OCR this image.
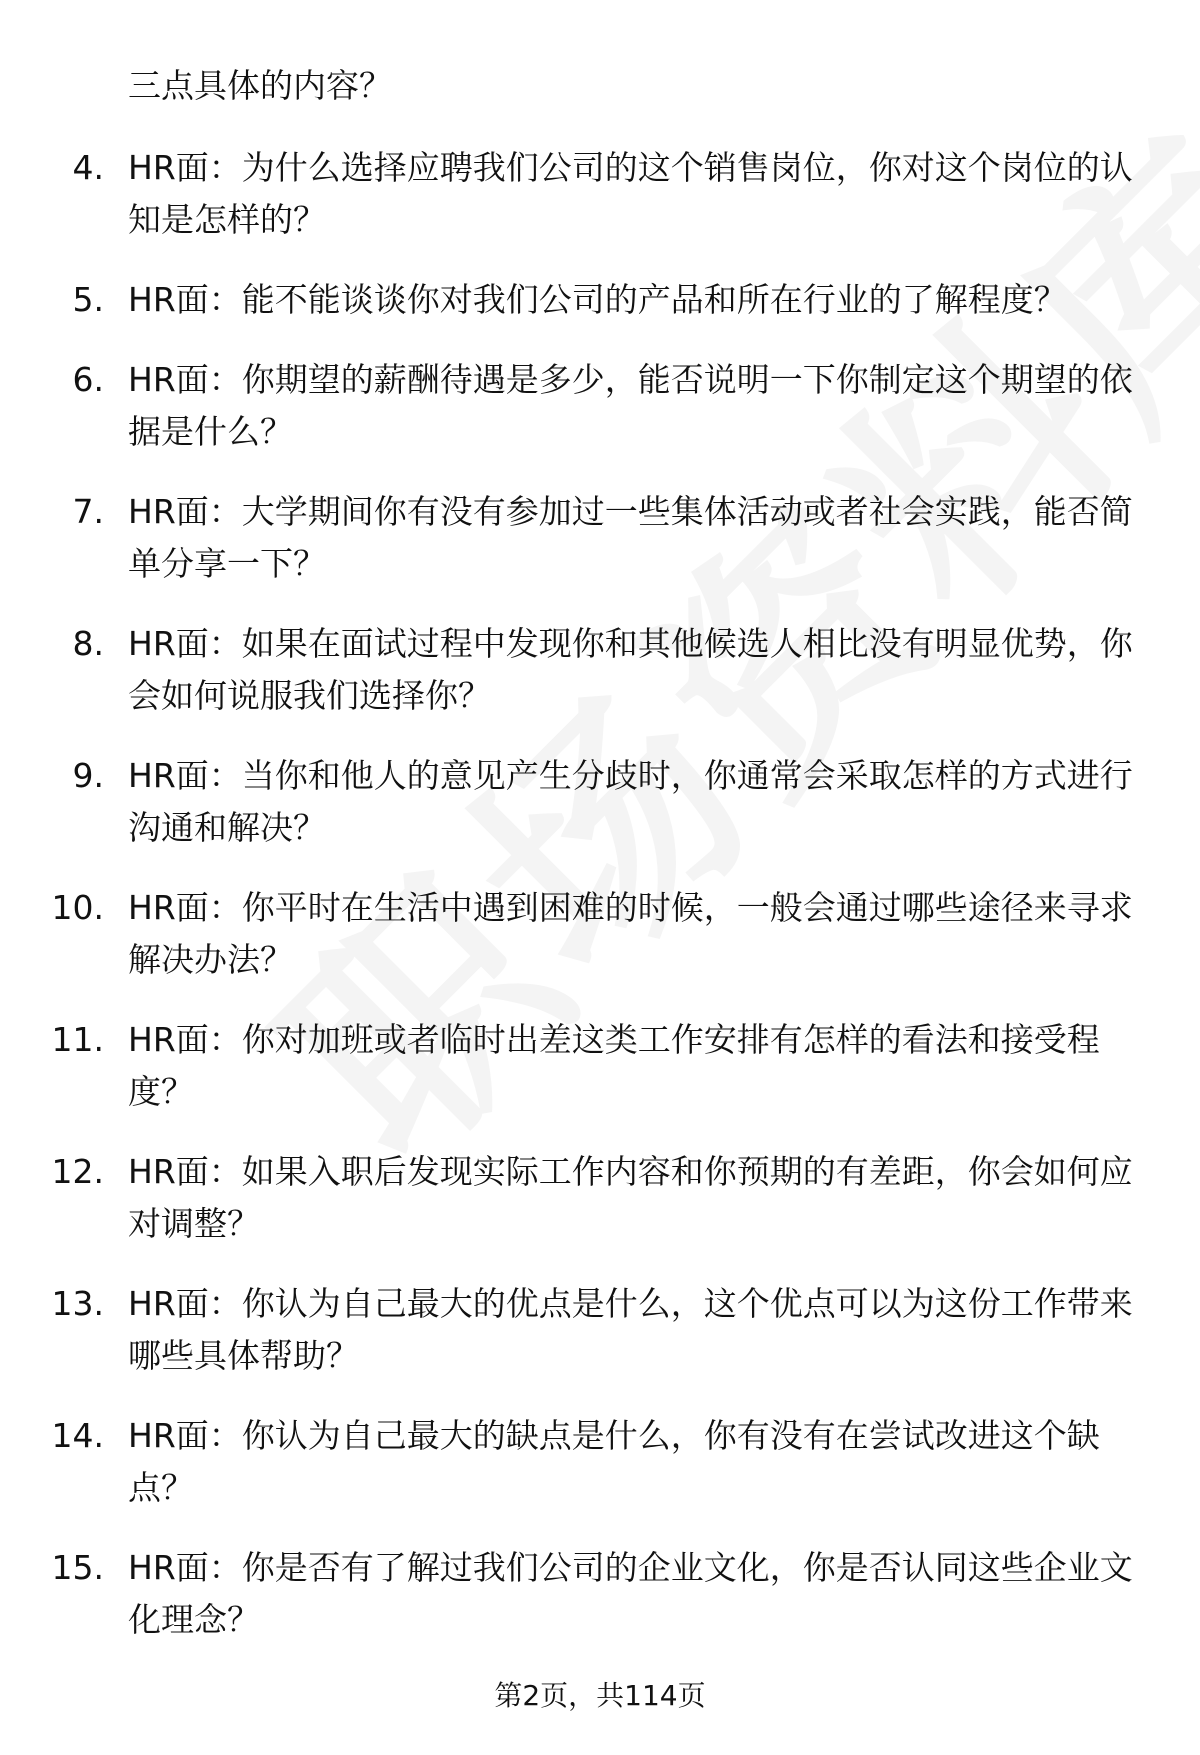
三点具体的内容？
4. HR面：为什么选择应聘我们公司的这个销售岗位，你对这个岗位的认知是怎样的？
5. HR面：能不能谈谈你对我们公司的产品和所在行业的了解程度？
6. HR面：你期望的薪酬待遇是多少，能否说明一下你制定这个期望的依据是什么？
7. HR面：大学期间你有没有参加过一些集体活动或者社会实践，能否简单分享一下？
8. HR面：如果在面试过程中发现你和其他候选人相比没有明显优势，你会如何说服我们选择你？
9. HR面：当你和他人的意见产生分歧时，你通常会采取怎样的方式进行沟通和解决？
10. HR面：你平时在生活中遇到困难的时候，一般会通过哪些途径来寻求解决办法？
11. HR面：你对加班或者临时出差这类工作安排有怎样的看法和接受程度？
12. HR面：如果入职后发现实际工作内容和你预期的有差距，你会如何应对调整？
13. HR面：你认为自己最大的优点是什么，这个优点可以为这份工作带来哪些具体帮助？
14. HR面：你认为自己最大的缺点是什么，你有没有在尝试改进这个缺点？
15. HR面：你是否有了解过我们公司的企业文化，你是否认同这些企业文化理念？
第2页，共114页
